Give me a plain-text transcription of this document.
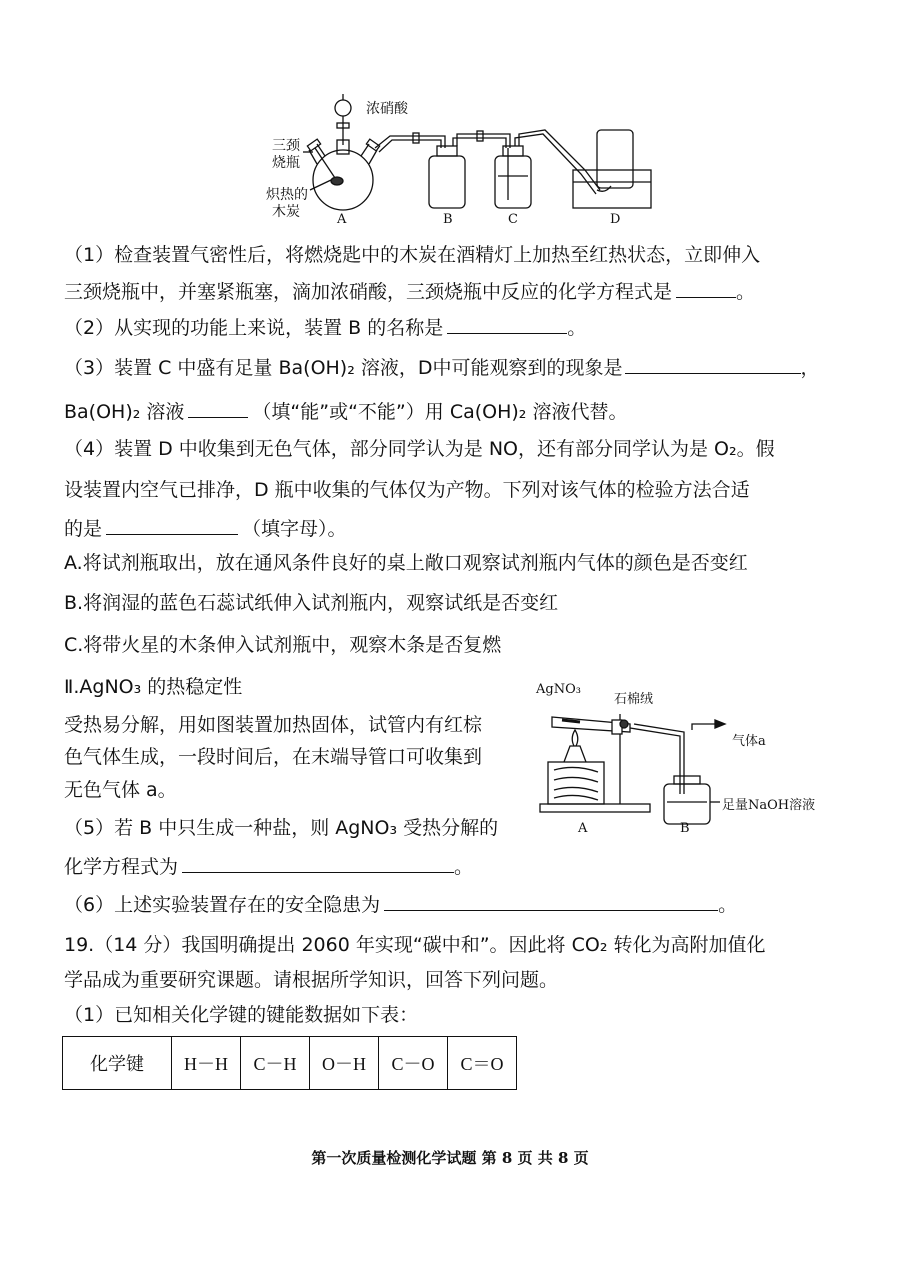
A	B	C	D
浓硝酸
三颈
烧瓶
炽热的
木炭
（1）检查装置气密性后，将燃烧匙中的木炭在酒精灯上加热至红热状态，立即伸入
三颈烧瓶中，并塞紧瓶塞，滴加浓硝酸，三颈烧瓶中反应的化学方程式是	。
（2）从实现的功能上来说，装置 B 的名称是	。
（3）装置 C 中盛有足量 Ba(OH)₂ 溶液，D中可能观察到的现象是	，
Ba(OH)₂ 溶液	（填“能”或“不能”）用 Ca(OH)₂ 溶液代替。
（4）装置 D 中收集到无色气体，部分同学认为是 NO，还有部分同学认为是 O₂。假
设装置内空气已排净，D 瓶中收集的气体仅为产物。下列对该气体的检验方法合适
的是	（填字母）。
A.将试剂瓶取出，放在通风条件良好的桌上敞口观察试剂瓶内气体的颜色是否变红
B.将润湿的蓝色石蕊试纸伸入试剂瓶内，观察试纸是否变红
C.将带火星的木条伸入试剂瓶中，观察木条是否复燃
Ⅱ.AgNO₃ 的热稳定性
受热易分解，用如图装置加热固体，试管内有红棕
色气体生成，一段时间后，在末端导管口可收集到
无色气体 a。
（5）若 B 中只生成一种盐，则 AgNO₃ 受热分解的
化学方程式为	。
A	B
AgNO₃
石棉绒
气体a
足量NaOH溶液
（6）上述实验装置存在的安全隐患为	。
19.（14 分）我国明确提出 2060 年实现“碳中和”。因此将 CO₂ 转化为高附加值化
学品成为重要研究课题。请根据所学知识，回答下列问题。
（1）已知相关化学键的键能数据如下表：
化学键	H－H	C－H	O－H	C－O	C＝O
第一次质量检测化学试题 第 8 页 共 8 页
